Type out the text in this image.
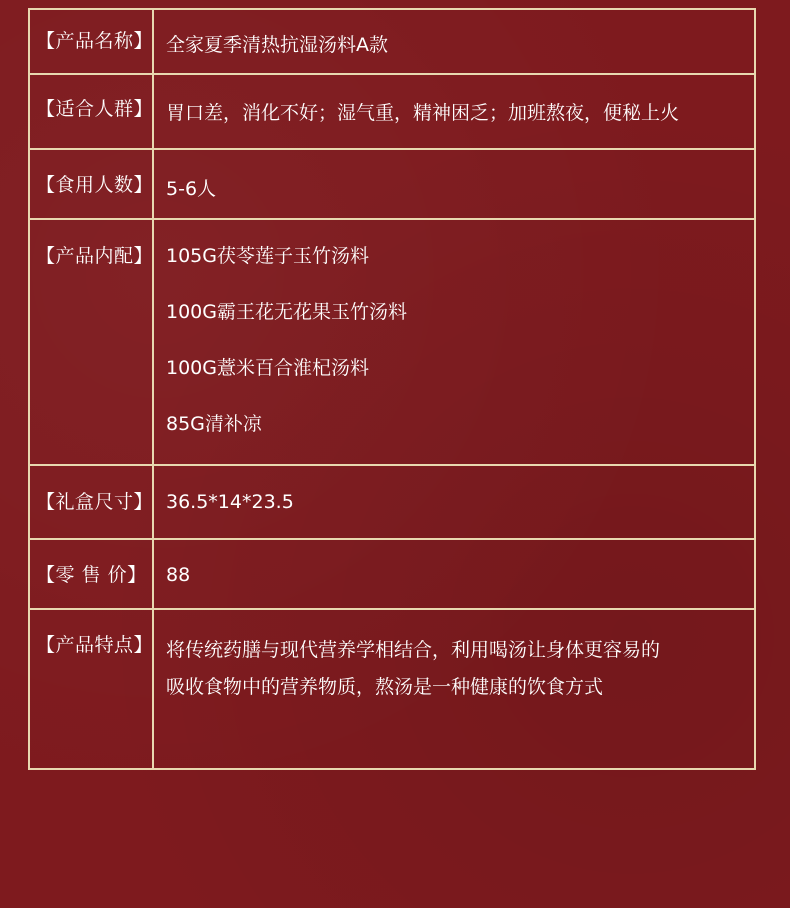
【产品名称】 全家夏季清热抗湿汤料A款
【适合人群】 胃口差，消化不好；湿气重，精神困乏；加班熬夜，便秘上火
【食用人数】 5-6人
【产品内配】 105G茯苓莲子玉竹汤料
100G霸王花无花果玉竹汤料
100G薏米百合淮杞汤料
85G清补凉
【礼盒尺寸】 36.5*14*23.5
【零 售 价】	88
【产品特点】 将传统药膳与现代营养学相结合，利用喝汤让身体更容易的
吸收食物中的营养物质，熬汤是一种健康的饮食方式
